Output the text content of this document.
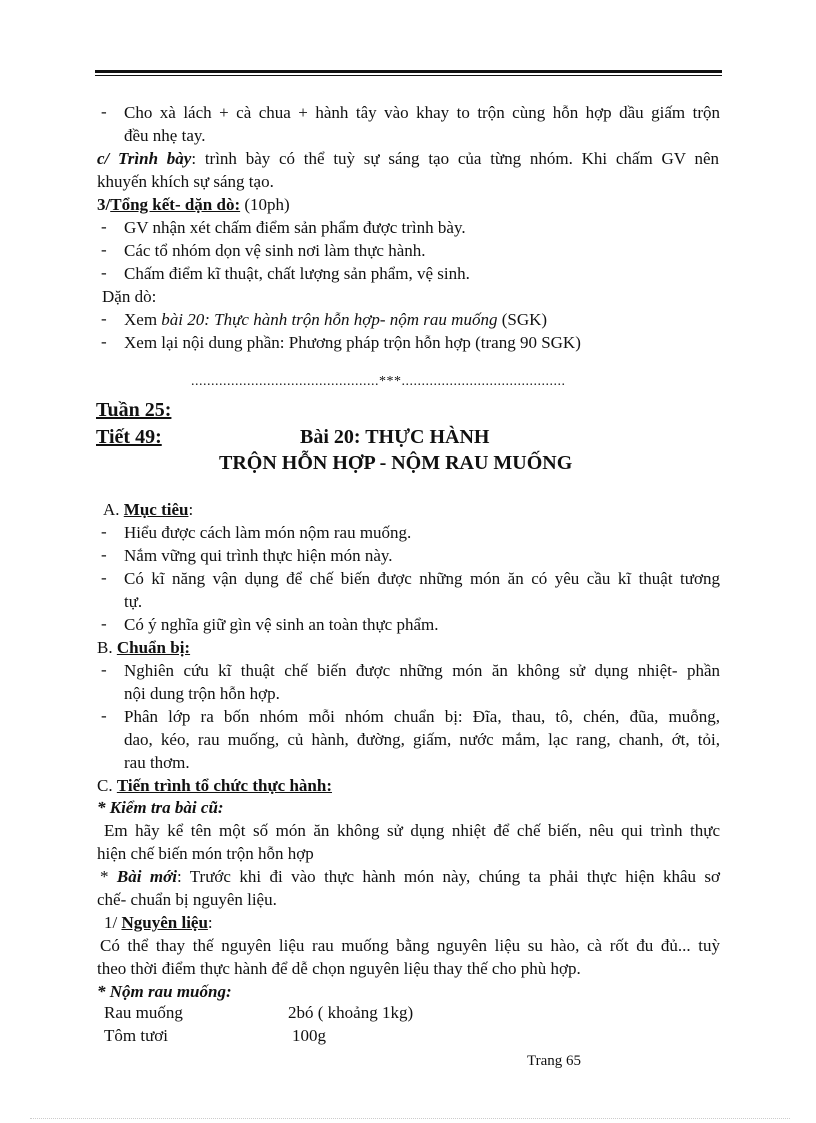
-	Cho xà lách + cà chua + hành tây vào khay to trộn cùng hỗn hợp dầu giấm trộn
đều nhẹ tay.
c/ Trình bày: trình bày có thể tuỳ sự sáng tạo của từng nhóm. Khi chấm GV nên
khuyến khích sự sáng tạo.
3/Tổng kết- dặn dò: (10ph)
-	GV nhận xét chấm điểm sản phẩm được trình bày.
-	Các tổ nhóm dọn vệ sinh nơi làm thực hành.
-	Chấm điểm kĩ thuật, chất lượng sản phẩm, vệ sinh.
Dặn dò:
-	Xem bài 20: Thực hành trộn hỗn hợp- nộm rau muống (SGK)
-	Xem lại nội dung phần: Phương pháp trộn hỗn hợp (trang 90 SGK)
...............................................***.........................................
Tuần 25:
Tiết 49:	Bài 20: THỰC HÀNH
TRỘN HỖN HỢP - NỘM RAU MUỐNG
A. Mục tiêu:
-	Hiểu được cách làm món nộm rau muống.
-	Nắm vững qui trình thực hiện món này.
-	Có kĩ năng vận dụng để chế biến được những món ăn có yêu cầu kĩ thuật tương
tự.
-	Có ý nghĩa giữ gìn vệ sinh an toàn thực phẩm.
B. Chuẩn bị:
-	Nghiên cứu kĩ thuật chế biến được những món ăn không sử dụng nhiệt- phần
nội dung trộn hỗn hợp.
-	Phân lớp ra bốn nhóm mỗi nhóm chuẩn bị: Đĩa, thau, tô, chén, đũa, muỗng,
dao, kéo, rau muống, củ hành, đường, giấm, nước mắm, lạc rang, chanh, ớt, tỏi,
rau thơm.
C. Tiến trình tổ chức thực hành:
* Kiểm tra bài cũ:
Em hãy kể tên một số món ăn không sử dụng nhiệt để chế biến, nêu qui trình thực
hiện chế biến món trộn hỗn hợp
* Bài mới: Trước khi đi vào thực hành món này, chúng ta phải thực hiện khâu sơ
chế- chuẩn bị nguyên liệu.
1/ Nguyên liệu:
Có thể thay thế nguyên liệu rau muống bằng nguyên liệu su hào, cà rốt đu đủ... tuỳ
theo thời điểm thực hành để dễ chọn nguyên liệu thay thế cho phù hợp.
* Nộm rau muống:
Rau muống	2bó ( khoảng 1kg)
Tôm tươi	100g
Trang 65
